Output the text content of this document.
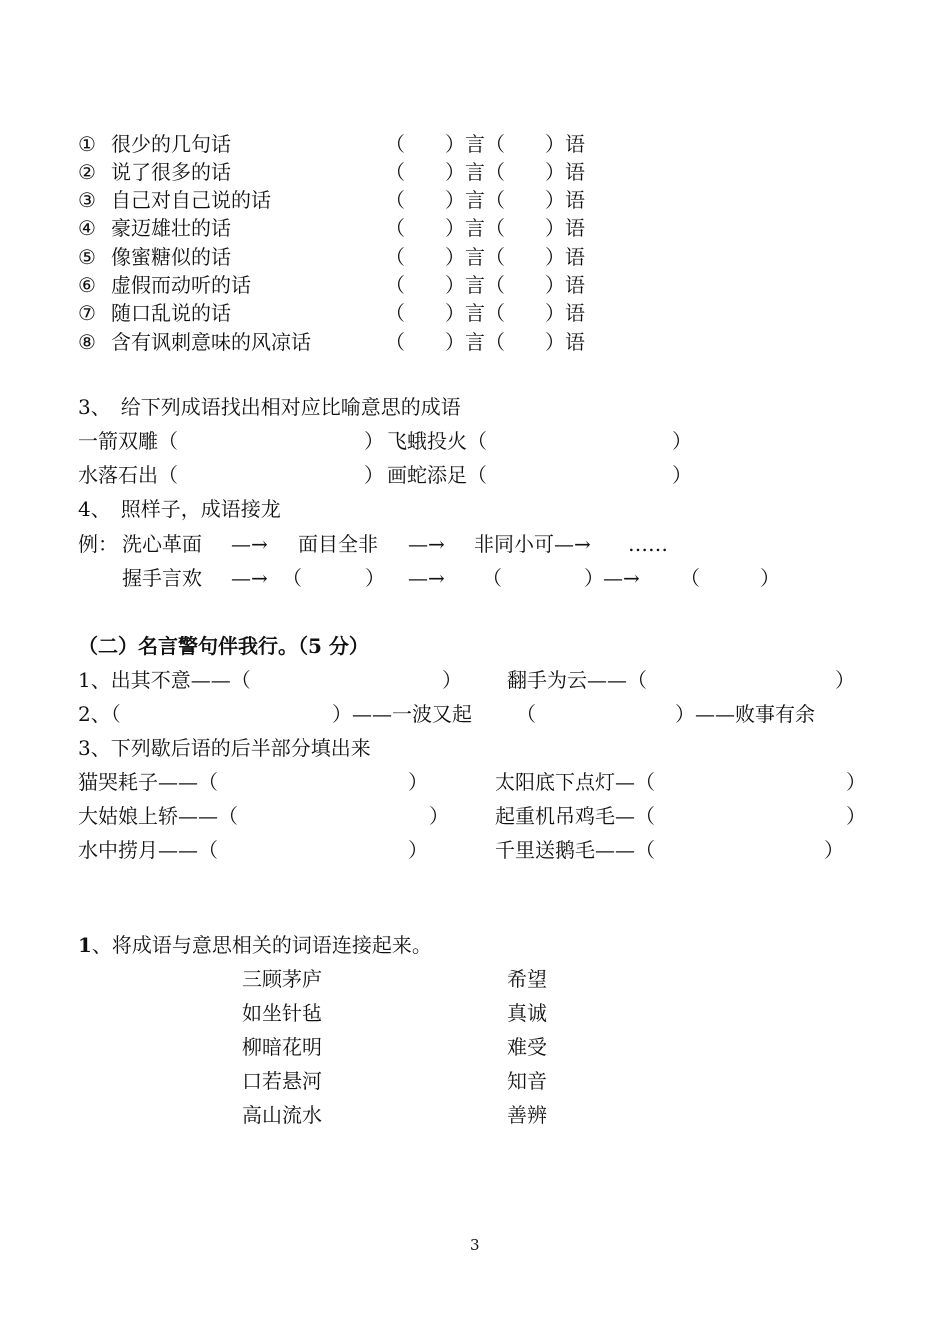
① 很少的几句话	（　　）言（　　）语
② 说了很多的话	（　　）言（　　）语
③ 自己对自己说的话	（　　）言（　　）语
④ 豪迈雄壮的话	（　　）言（　　）语
⑤ 像蜜糖似的话	（　　）言（　　）语
⑥ 虚假而动听的话	（　　）言（　　）语
⑦ 随口乱说的话	（　　）言（　　）语
⑧ 含有讽刺意味的风凉话	（　　）言（　　）语
3、　给下列成语找出相对应比喻意思的成语
一箭双雕（	） 飞蛾投火（	）
水落石出（	） 画蛇添足（	）
4、　照样子，成语接龙
例： 洗心革面 —→ 面目全非 —→ 非同小可—→ ……
握手言欢 —→ （	） —→ （	） —→ （	）
（二）名言警句伴我行。（5 分）
1、出其不意——（	） 翻手为云——（	）
2、（	）——一波又起 （	）——败事有余
3、下列歇后语的后半部分填出来
猫哭耗子——（	）	太阳底下点灯—（	）
大姑娘上轿——（	） 起重机吊鸡毛—（	）
水中捞月——（	）	千里送鹅毛——（	）
1、将成语与意思相关的词语连接起来。
三顾茅庐	希望
如坐针毡	真诚
柳暗花明	难受
口若悬河	知音
高山流水	善辨
3
